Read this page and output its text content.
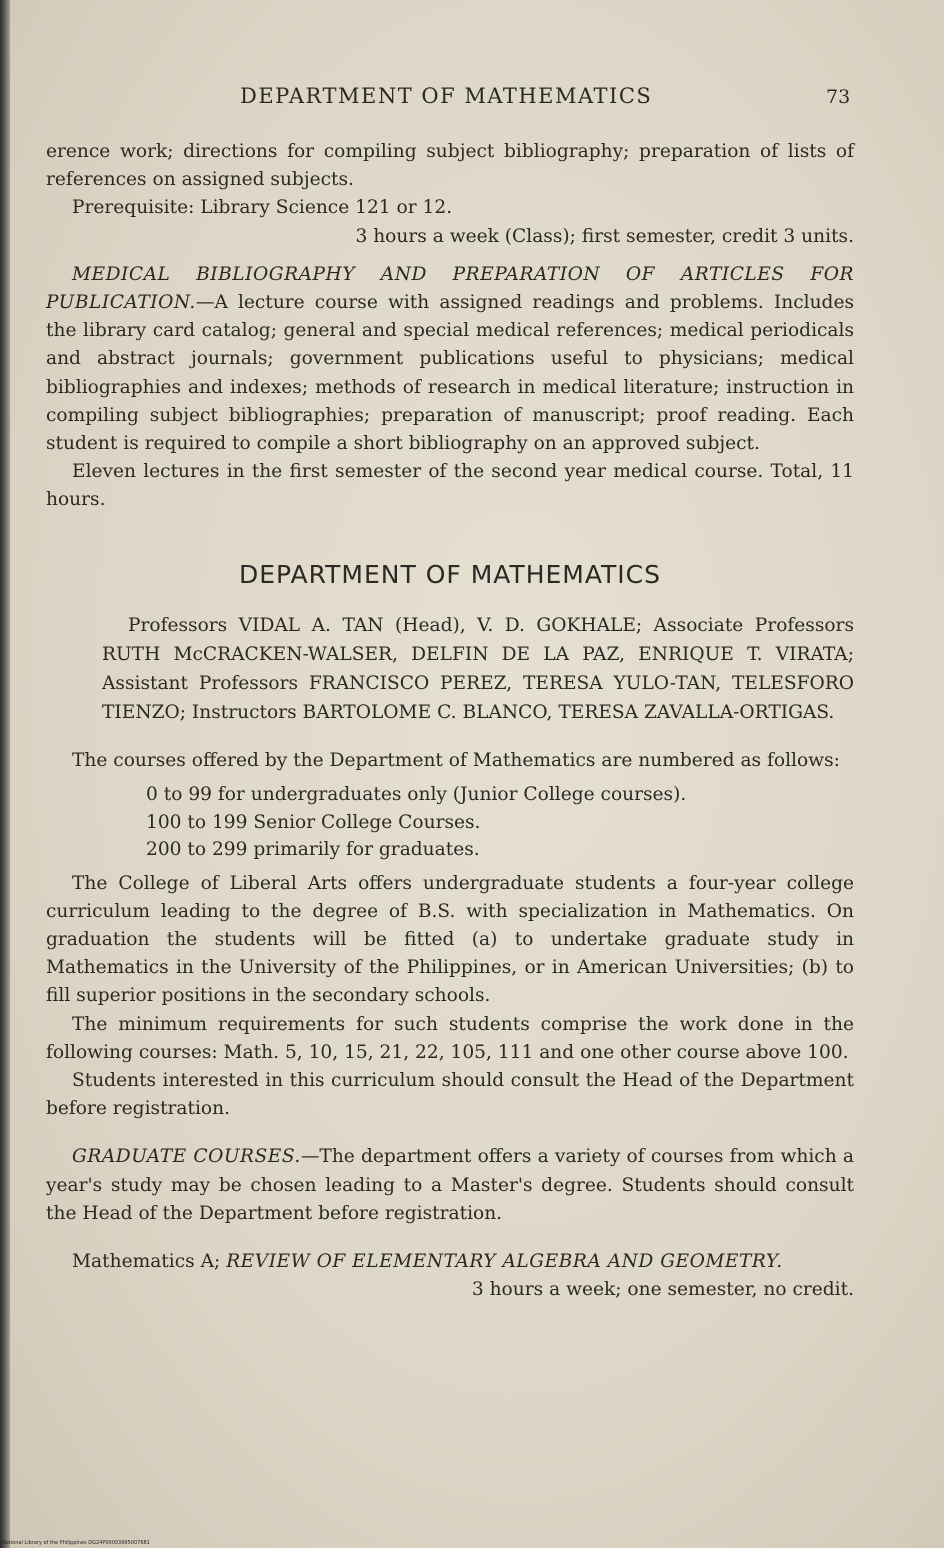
DEPARTMENT OF MATHEMATICS	73

erence work; directions for compiling subject bibliography; preparation of lists of references on assigned subjects.

Prerequisite: Library Science 121 or 12.

3 hours a week (Class); first semester, credit 3 units.

MEDICAL BIBLIOGRAPHY AND PREPARATION OF ARTICLES FOR PUBLICATION.—A lecture course with assigned readings and problems. Includes the library card catalog; general and special medical references; medical periodicals and abstract journals; government publications useful to physicians; medical bibliographies and indexes; methods of research in medical literature; instruction in compiling subject bibliographies; preparation of manuscript; proof reading. Each student is required to compile a short bibliography on an approved subject.

Eleven lectures in the first semester of the second year medical course. Total, 11 hours.

DEPARTMENT OF MATHEMATICS

Professors VIDAL A. TAN (Head), V. D. GOKHALE; Associate Professors RUTH McCRACKEN-WALSER, DELFIN DE LA PAZ, ENRIQUE T. VIRATA; Assistant Professors FRANCISCO PEREZ, TERESA YULO-TAN, TELESFORO TIENZO; Instructors BARTOLOME C. BLANCO, TERESA ZAVALLA-ORTIGAS.

The courses offered by the Department of Mathematics are numbered as follows:

0 to 99 for undergraduates only (Junior College courses).
100 to 199 Senior College Courses.
200 to 299 primarily for graduates.

The College of Liberal Arts offers undergraduate students a four-year college curriculum leading to the degree of B.S. with specialization in Mathematics. On graduation the students will be fitted (a) to undertake graduate study in Mathematics in the University of the Philippines, or in American Universities; (b) to fill superior positions in the secondary schools.

The minimum requirements for such students comprise the work done in the following courses: Math. 5, 10, 15, 21, 22, 105, 111 and one other course above 100.

Students interested in this curriculum should consult the Head of the Department before registration.

GRADUATE COURSES.—The department offers a variety of courses from which a year's study may be chosen leading to a Master's degree. Students should consult the Head of the Department before registration.

Mathematics A; REVIEW OF ELEMENTARY ALGEBRA AND GEOMETRY.

3 hours a week; one semester, no credit.

National Library of the Philippines DG24P00003995007681
